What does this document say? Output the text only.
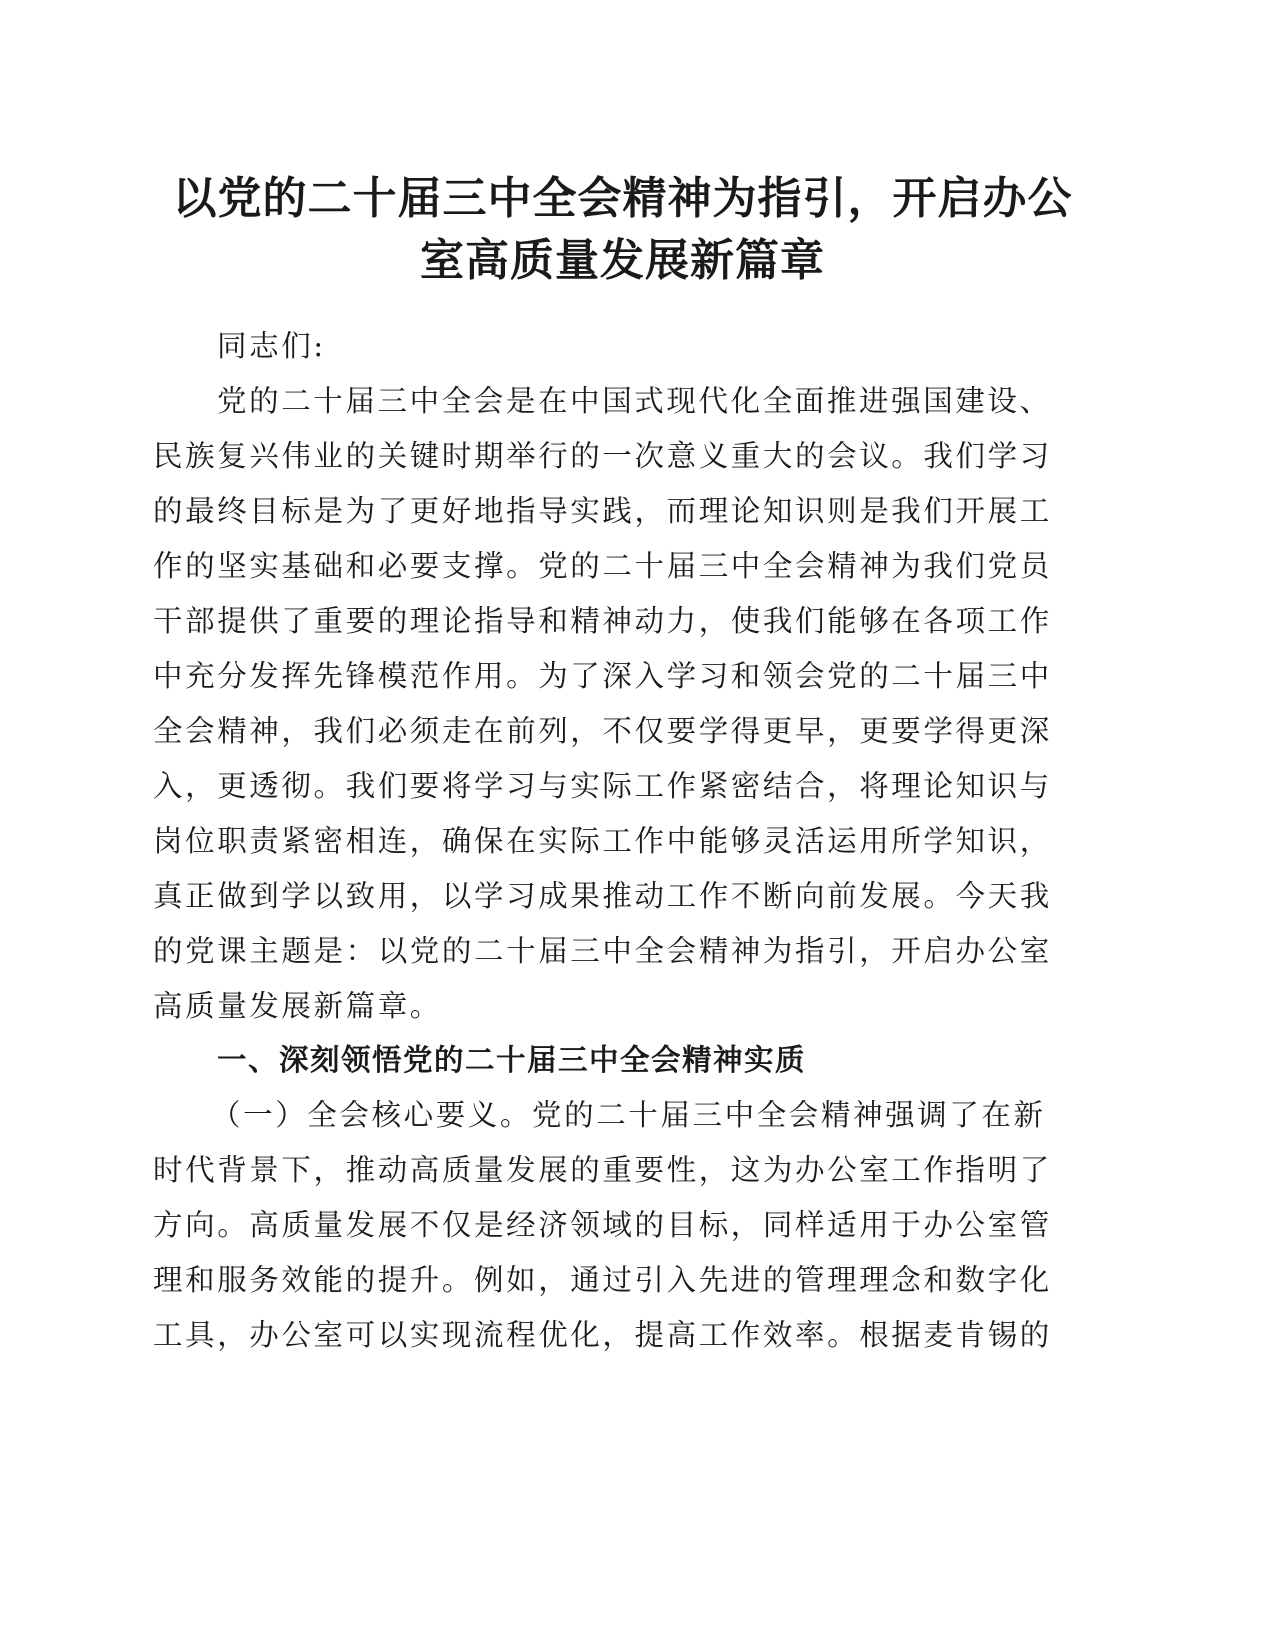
以党的二十届三中全会精神为指引，开启办公
室高质量发展新篇章

同志们:

党的二十届三中全会是在中国式现代化全面推进强国建设、
民族复兴伟业的关键时期举行的一次意义重大的会议。我们学习
的最终目标是为了更好地指导实践，而理论知识则是我们开展工
作的坚实基础和必要支撑。党的二十届三中全会精神为我们党员
干部提供了重要的理论指导和精神动力，使我们能够在各项工作
中充分发挥先锋模范作用。为了深入学习和领会党的二十届三中
全会精神，我们必须走在前列，不仅要学得更早，更要学得更深
入，更透彻。我们要将学习与实际工作紧密结合，将理论知识与
岗位职责紧密相连，确保在实际工作中能够灵活运用所学知识，
真正做到学以致用，以学习成果推动工作不断向前发展。今天我
的党课主题是：以党的二十届三中全会精神为指引，开启办公室
高质量发展新篇章。

一、深刻领悟党的二十届三中全会精神实质

（一）全会核心要义。党的二十届三中全会精神强调了在新
时代背景下，推动高质量发展的重要性，这为办公室工作指明了
方向。高质量发展不仅是经济领域的目标，同样适用于办公室管
理和服务效能的提升。例如，通过引入先进的管理理念和数字化
工具，办公室可以实现流程优化，提高工作效率。根据麦肯锡的
